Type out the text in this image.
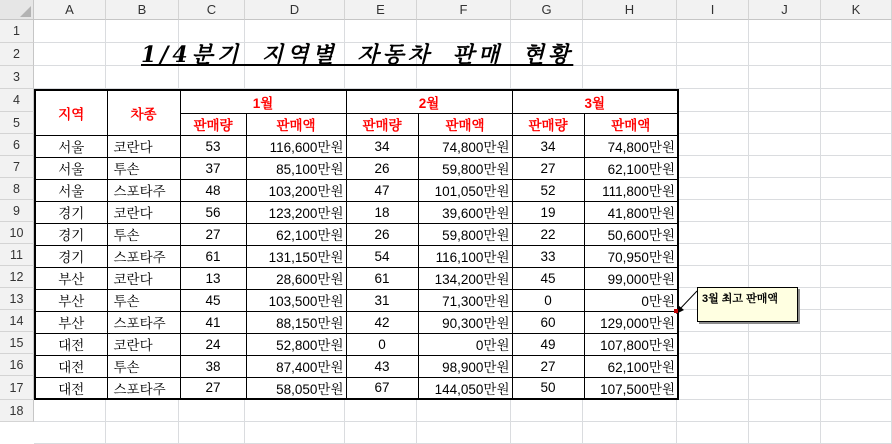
A	B	C	D	E	F	G	H	I	J	K
1
2
3
4
5
6
7
8
9
10
11
12
13
14
15
16
17
18
1/4분기 지역별 자동차 판매 현황
지역	차종	1월		2월		3월	
		판매량	판매액	판매량	판매액	판매량	판매액
서울	코란다	53	116,600만원	34	74,800만원	34	74,800만원
서울	투손	37	85,100만원	26	59,800만원	27	62,100만원
서울	스포타주	48	103,200만원	47	101,050만원	52	111,800만원
경기	코란다	56	123,200만원	18	39,600만원	19	41,800만원
경기	투손	27	62,100만원	26	59,800만원	22	50,600만원
경기	스포타주	61	131,150만원	54	116,100만원	33	70,950만원
부산	코란다	13	28,600만원	61	134,200만원	45	99,000만원
부산	투손	45	103,500만원	31	71,300만원	0	0만원
부산	스포타주	41	88,150만원	42	90,300만원	60	129,000만원
대전	코란다	24	52,800만원	0	0만원	49	107,800만원
대전	투손	38	87,400만원	43	98,900만원	27	62,100만원
대전	스포타주	27	58,050만원	67	144,050만원	50	107,500만원
3월 최고 판매액
